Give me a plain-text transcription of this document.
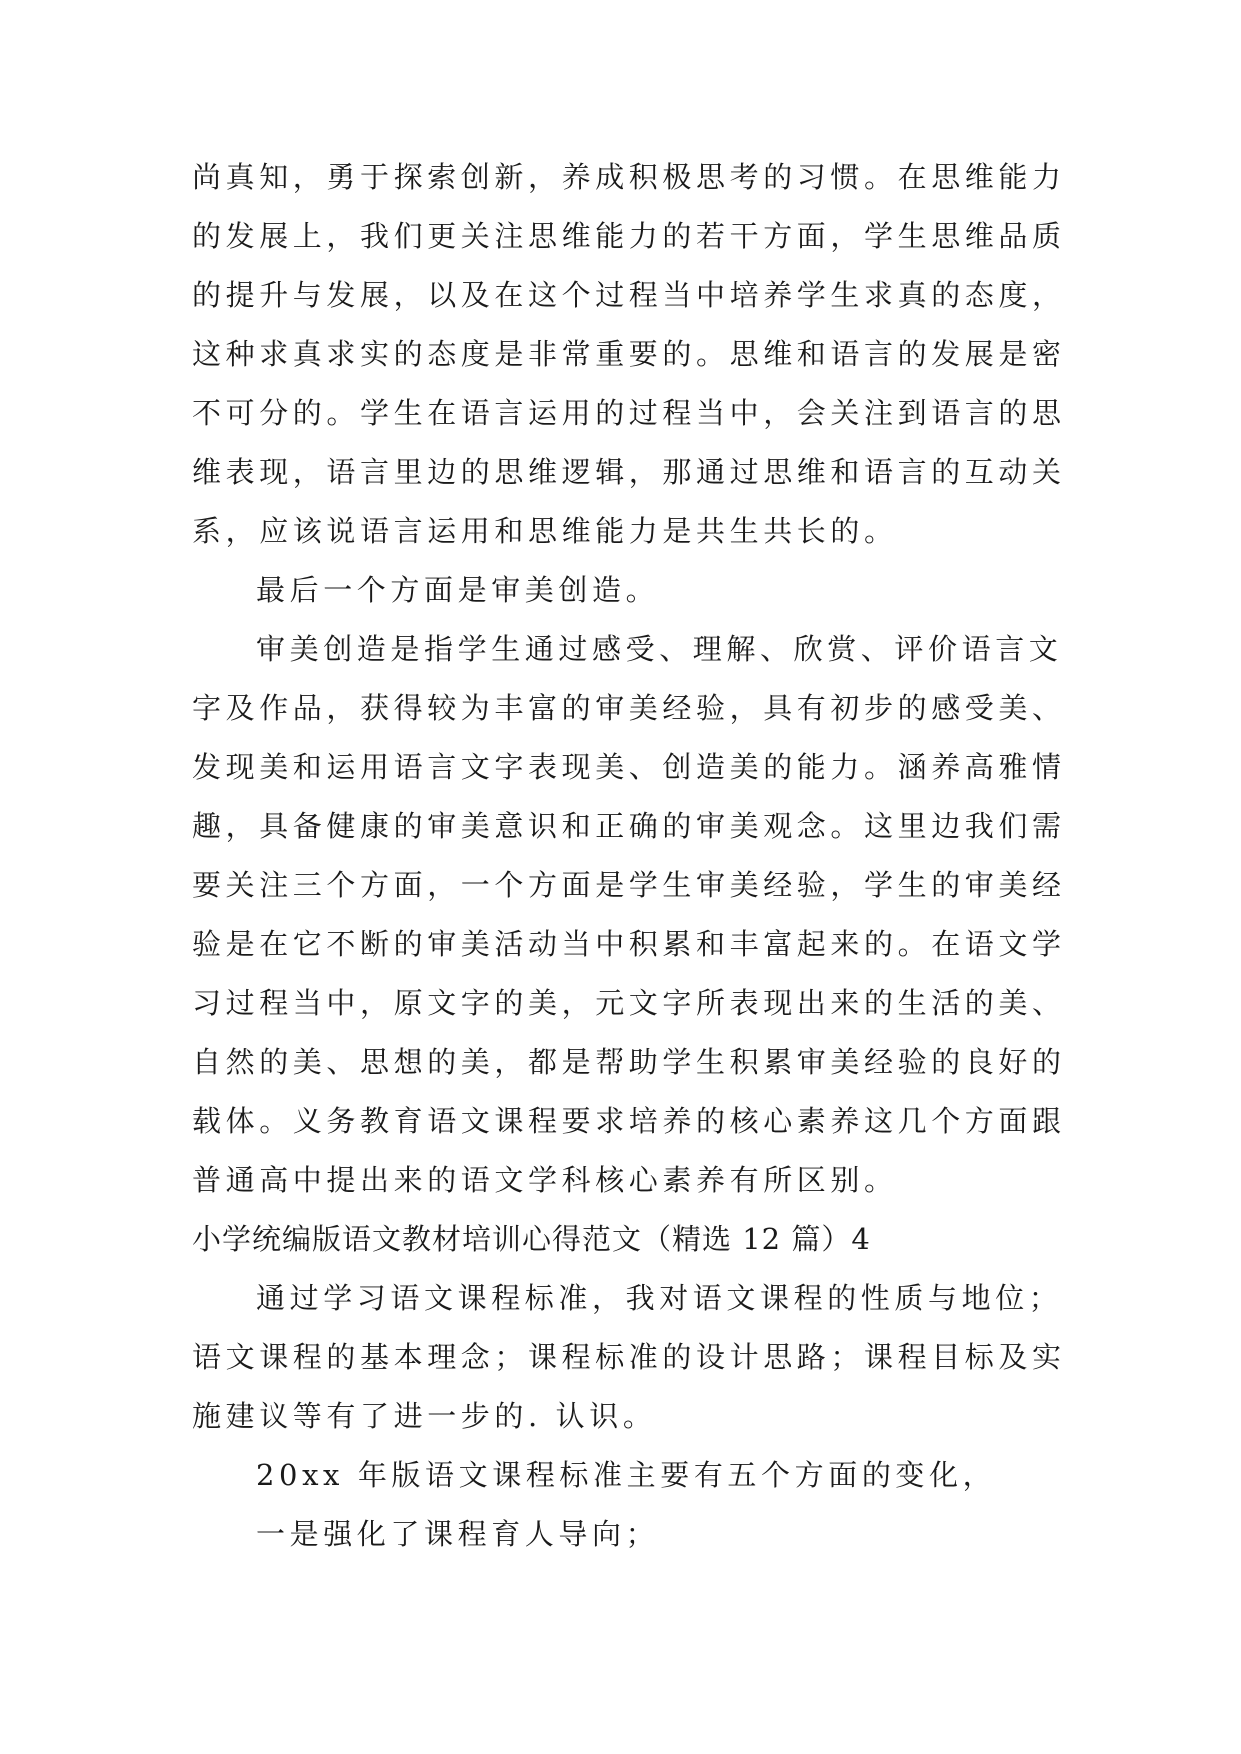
尚真知，勇于探索创新，养成积极思考的习惯。在思维能力
的发展上，我们更关注思维能力的若干方面，学生思维品质
的提升与发展，以及在这个过程当中培养学生求真的态度，
这种求真求实的态度是非常重要的。思维和语言的发展是密
不可分的。学生在语言运用的过程当中，会关注到语言的思
维表现，语言里边的思维逻辑，那通过思维和语言的互动关
系，应该说语言运用和思维能力是共生共长的。
最后一个方面是审美创造。
审美创造是指学生通过感受、理解、欣赏、评价语言文
字及作品，获得较为丰富的审美经验，具有初步的感受美、
发现美和运用语言文字表现美、创造美的能力。涵养高雅情
趣，具备健康的审美意识和正确的审美观念。这里边我们需
要关注三个方面，一个方面是学生审美经验，学生的审美经
验是在它不断的审美活动当中积累和丰富起来的。在语文学
习过程当中，原文字的美，元文字所表现出来的生活的美、
自然的美、思想的美，都是帮助学生积累审美经验的良好的
载体。义务教育语文课程要求培养的核心素养这几个方面跟
普通高中提出来的语文学科核心素养有所区别。
小学统编版语文教材培训心得范文（精选 12 篇）4
通过学习语文课程标准，我对语文课程的性质与地位；
语文课程的基本理念；课程标准的设计思路；课程目标及实
施建议等有了进一步的. 认识。
20xx 年版语文课程标准主要有五个方面的变化，
一是强化了课程育人导向；
